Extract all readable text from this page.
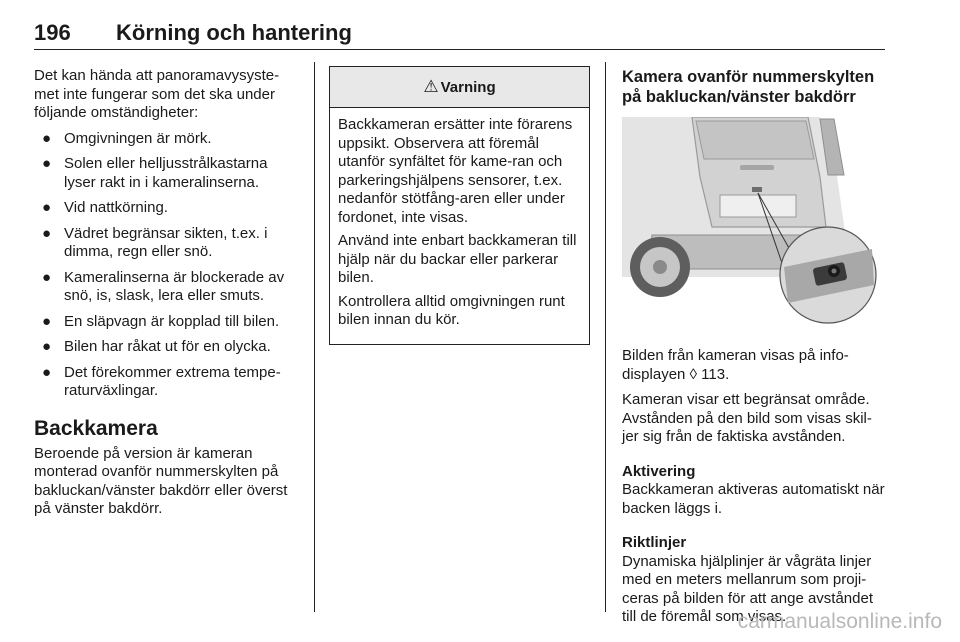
196 Körning och hantering

Det kan hända att panoramavysyste-met inte fungerar som det ska under följande omständigheter:

● Omgivningen är mörk.
● Solen eller helljusstrålkastarna lyser rakt in i kameralinserna.
● Vid nattkörning.
● Vädret begränsar sikten, t.ex. i dimma, regn eller snö.
● Kameralinserna är blockerade av snö, is, slask, lera eller smuts.
● En släpvagn är kopplad till bilen.
● Bilen har råkat ut för en olycka.
● Det förekommer extrema tempe-raturväxlingar.
Backkamera

Beroende på version är kameran monterad ovanför nummerskylten på bakluckan/vänster bakdörr eller överst på vänster bakdörr.

⚠ Varning

Backkameran ersätter inte förarens uppsikt. Observera att föremål utanför synfältet för kame-ran och parkeringshjälpens sensorer, t.ex. nedanför stötfång-aren eller under fordonet, inte visas.

Använd inte enbart backkameran till hjälp när du backar eller parkerar bilen.

Kontrollera alltid omgivningen runt bilen innan du kör.

Kamera ovanför nummerskylten på bakluckan/vänster bakdörr

Bilden från kameran visas på info-displayen ◊ 113.

Kameran visar ett begränsat område. Avstånden på den bild som visas skil-jer sig från de faktiska avstånden.

Aktivering

Backkameran aktiveras automatiskt när backen läggs i.

Riktlinjer

Dynamiska hjälplinjer är vågräta linjer med en meters mellanrum som proji-ceras på bilden för att ange avståndet till de föremål som visas.

carmanualsonline.info
